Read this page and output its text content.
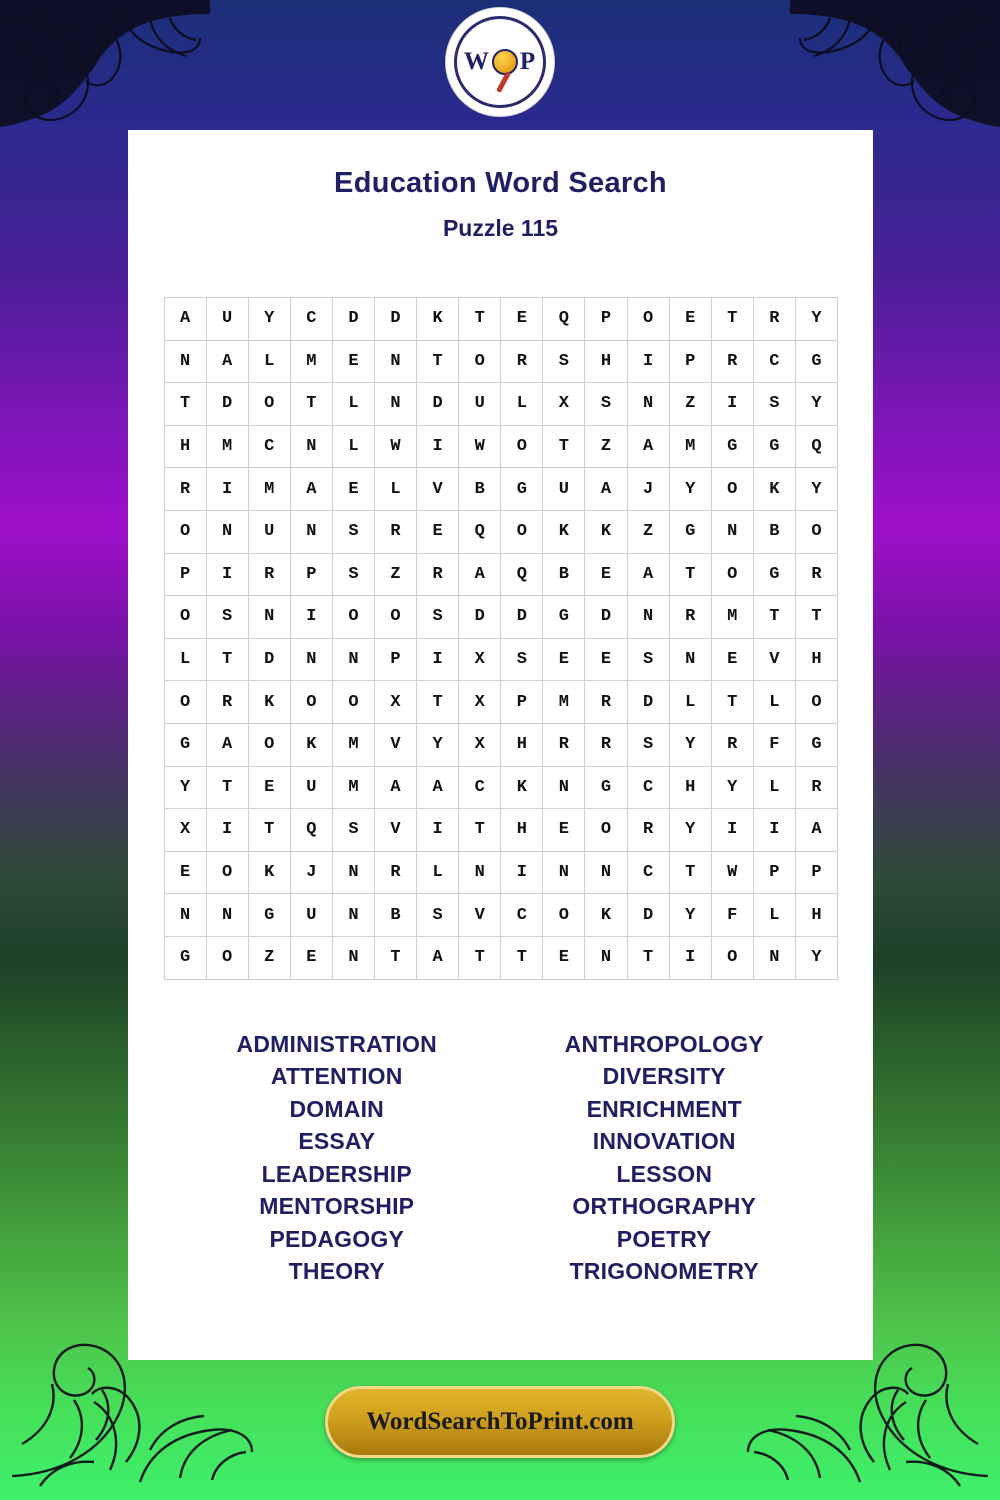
W P
Education Word Search
Puzzle 115
A	U	Y	C	D	D	K	T	E	Q	P	O	E	T	R	Y
N	A	L	M	E	N	T	O	R	S	H	I	P	R	C	G
T	D	O	T	L	N	D	U	L	X	S	N	Z	I	S	Y
H	M	C	N	L	W	I	W	O	T	Z	A	M	G	G	Q
R	I	M	A	E	L	V	B	G	U	A	J	Y	O	K	Y
O	N	U	N	S	R	E	Q	O	K	K	Z	G	N	B	O
P	I	R	P	S	Z	R	A	Q	B	E	A	T	O	G	R
O	S	N	I	O	O	S	D	D	G	D	N	R	M	T	T
L	T	D	N	N	P	I	X	S	E	E	S	N	E	V	H
O	R	K	O	O	X	T	X	P	M	R	D	L	T	L	O
G	A	O	K	M	V	Y	X	H	R	R	S	Y	R	F	G
Y	T	E	U	M	A	A	C	K	N	G	C	H	Y	L	R
X	I	T	Q	S	V	I	T	H	E	O	R	Y	I	I	A
E	O	K	J	N	R	L	N	I	N	N	C	T	W	P	P
N	N	G	U	N	B	S	V	C	O	K	D	Y	F	L	H
G	O	Z	E	N	T	A	T	T	E	N	T	I	O	N	Y
ADMINISTRATION
ATTENTION
DOMAIN
ESSAY
LEADERSHIP
MENTORSHIP
PEDAGOGY
THEORY
ANTHROPOLOGY
DIVERSITY
ENRICHMENT
INNOVATION
LESSON
ORTHOGRAPHY
POETRY
TRIGONOMETRY
WordSearchToPrint.com
